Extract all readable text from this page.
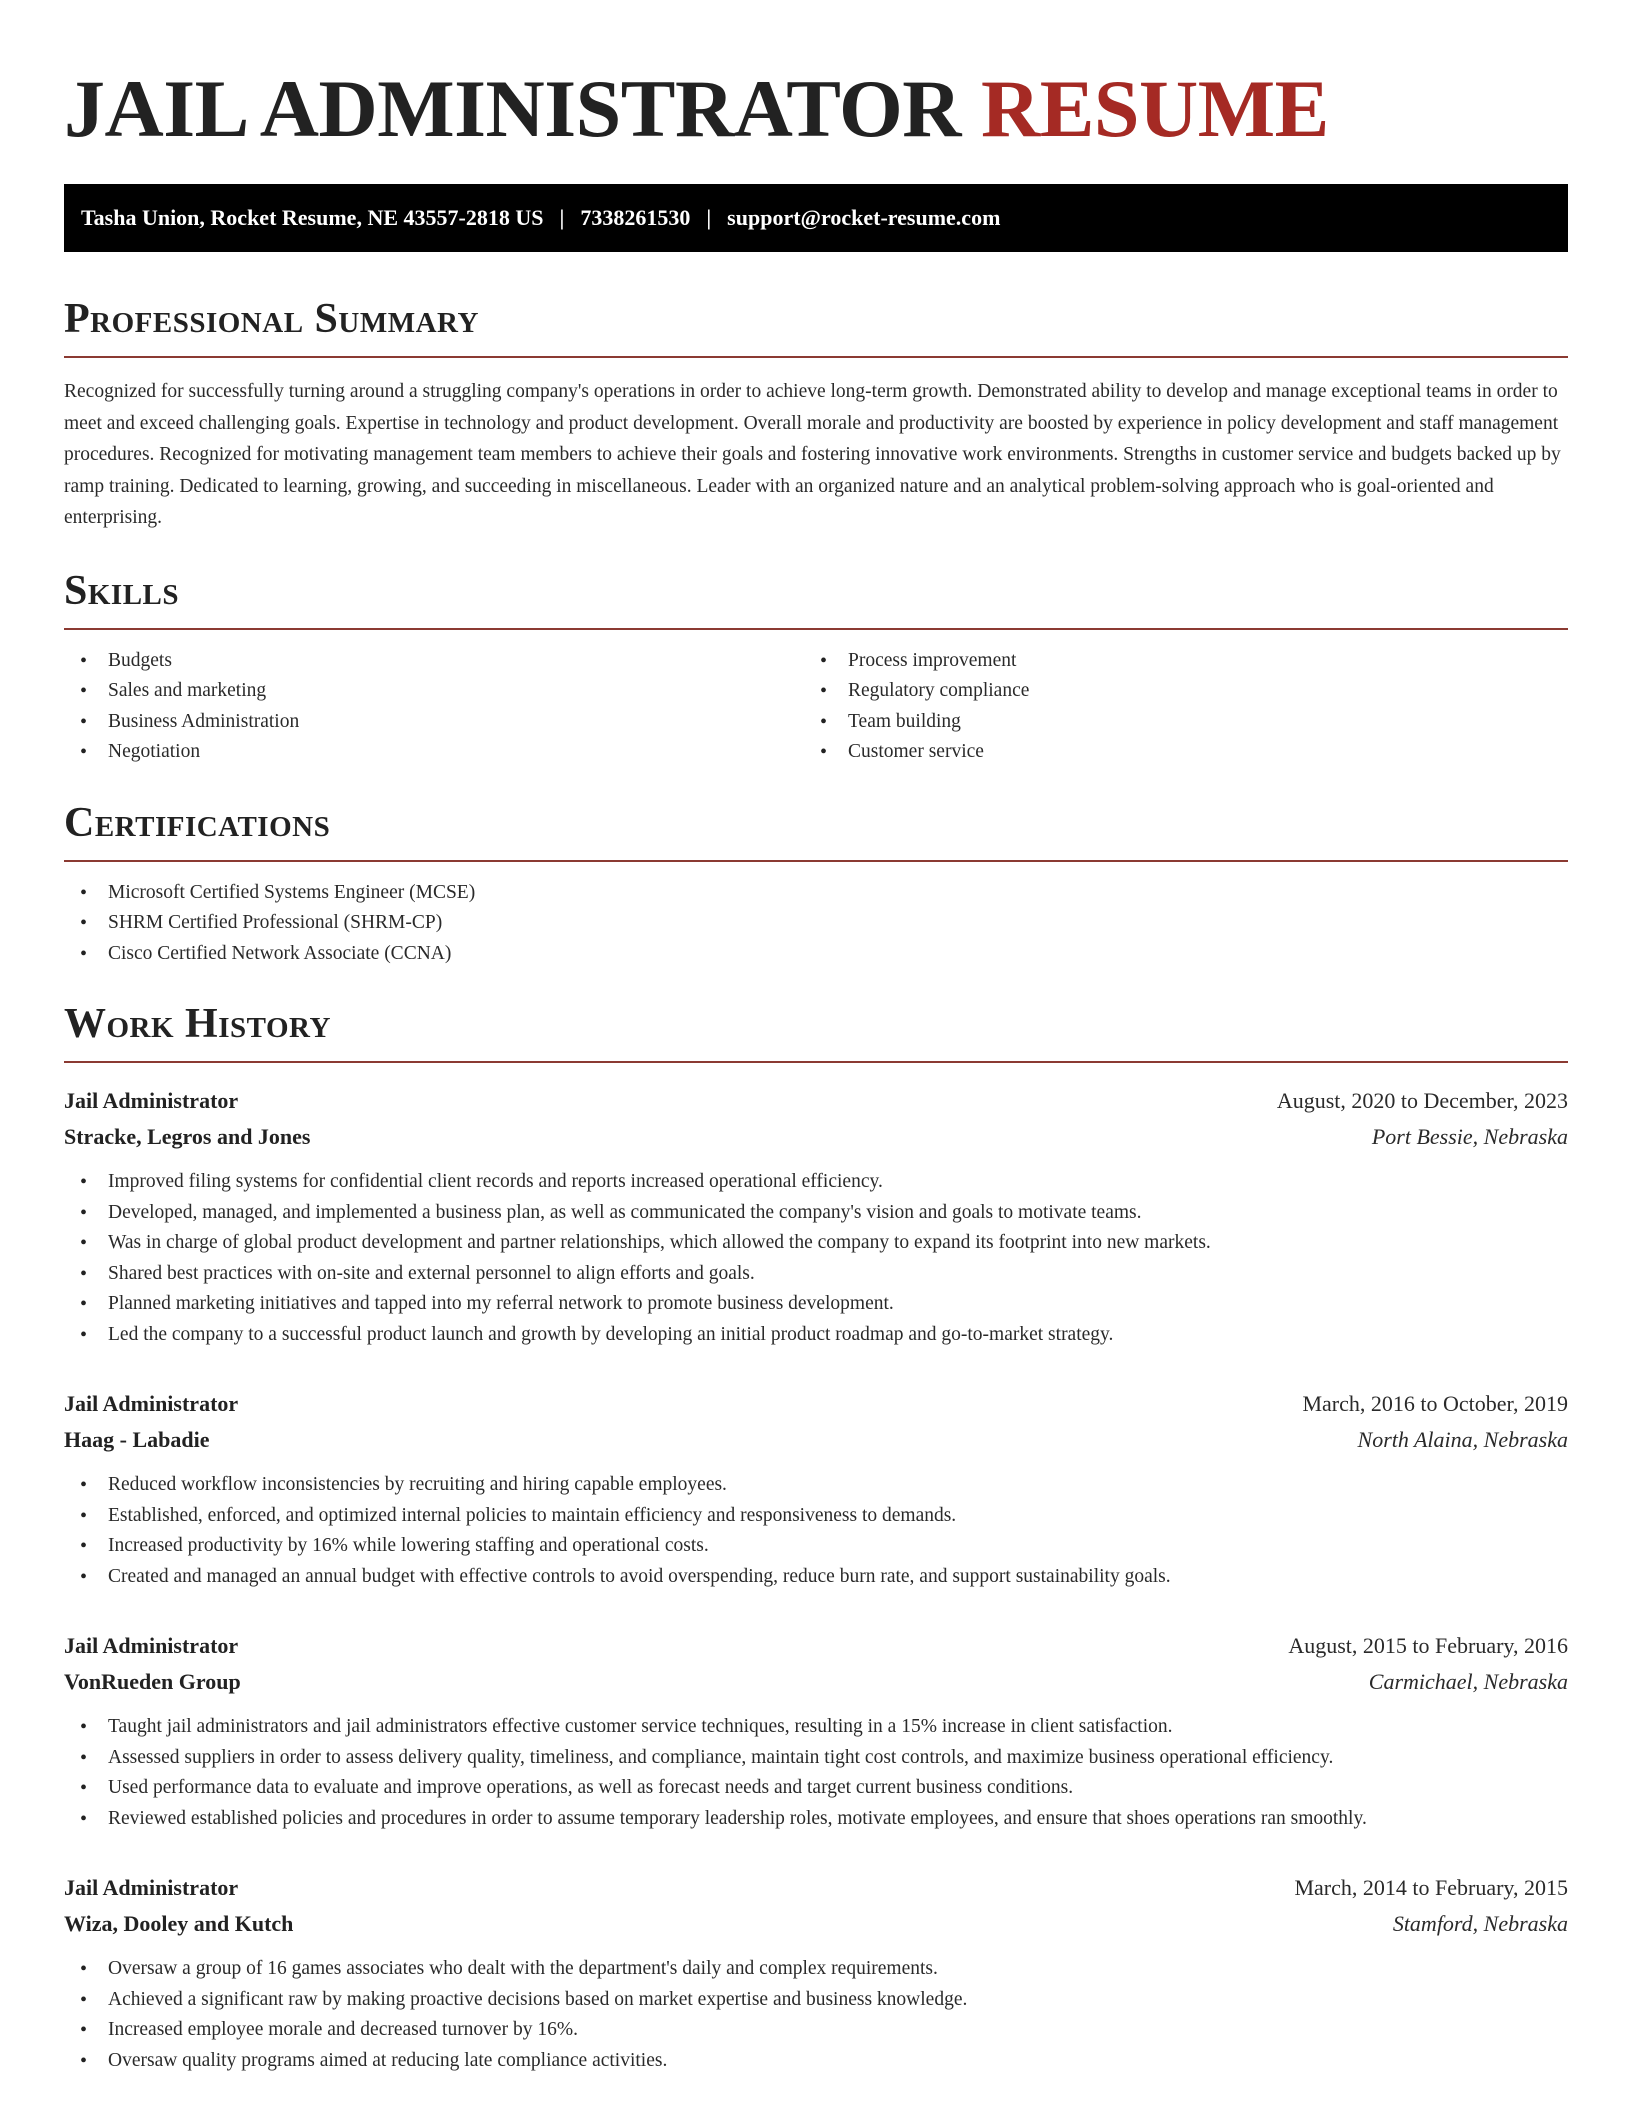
JAIL ADMINISTRATOR RESUME
Tasha Union, Rocket Resume, NE 43557-2818 US | 7338261530 | support@rocket-resume.com
Professional Summary

Recognized for successfully turning around a struggling company's operations in order to achieve long-term growth. Demonstrated ability to develop and manage exceptional teams in order to meet and exceed challenging goals. Expertise in technology and product development. Overall morale and productivity are boosted by experience in policy development and staff management procedures. Recognized for motivating management team members to achieve their goals and fostering innovative work environments. Strengths in customer service and budgets backed up by ramp training. Dedicated to learning, growing, and succeeding in miscellaneous. Leader with an organized nature and an analytical problem-solving approach who is goal-oriented and enterprising.

Skills
• Budgets
• Sales and marketing
• Business Administration
• Negotiation
• Process improvement
• Regulatory compliance
• Team building
• Customer service
Certifications
• Microsoft Certified Systems Engineer (MCSE)
• SHRM Certified Professional (SHRM-CP)
• Cisco Certified Network Associate (CCNA)
Work History
Jail Administrator	August, 2020 to December, 2023
Stracke, Legros and Jones	Port Bessie, Nebraska
• Improved filing systems for confidential client records and reports increased operational efficiency.
• Developed, managed, and implemented a business plan, as well as communicated the company's vision and goals to motivate teams.
• Was in charge of global product development and partner relationships, which allowed the company to expand its footprint into new markets.
• Shared best practices with on-site and external personnel to align efforts and goals.
• Planned marketing initiatives and tapped into my referral network to promote business development.
• Led the company to a successful product launch and growth by developing an initial product roadmap and go-to-market strategy.
Jail Administrator	March, 2016 to October, 2019
Haag - Labadie	North Alaina, Nebraska
• Reduced workflow inconsistencies by recruiting and hiring capable employees.
• Established, enforced, and optimized internal policies to maintain efficiency and responsiveness to demands.
• Increased productivity by 16% while lowering staffing and operational costs.
• Created and managed an annual budget with effective controls to avoid overspending, reduce burn rate, and support sustainability goals.
Jail Administrator	August, 2015 to February, 2016
VonRueden Group	Carmichael, Nebraska
• Taught jail administrators and jail administrators effective customer service techniques, resulting in a 15% increase in client satisfaction.
• Assessed suppliers in order to assess delivery quality, timeliness, and compliance, maintain tight cost controls, and maximize business operational efficiency.
• Used performance data to evaluate and improve operations, as well as forecast needs and target current business conditions.
• Reviewed established policies and procedures in order to assume temporary leadership roles, motivate employees, and ensure that shoes operations ran smoothly.
Jail Administrator	March, 2014 to February, 2015
Wiza, Dooley and Kutch	Stamford, Nebraska
• Oversaw a group of 16 games associates who dealt with the department's daily and complex requirements.
• Achieved a significant raw by making proactive decisions based on market expertise and business knowledge.
• Increased employee morale and decreased turnover by 16%.
• Oversaw quality programs aimed at reducing late compliance activities.
